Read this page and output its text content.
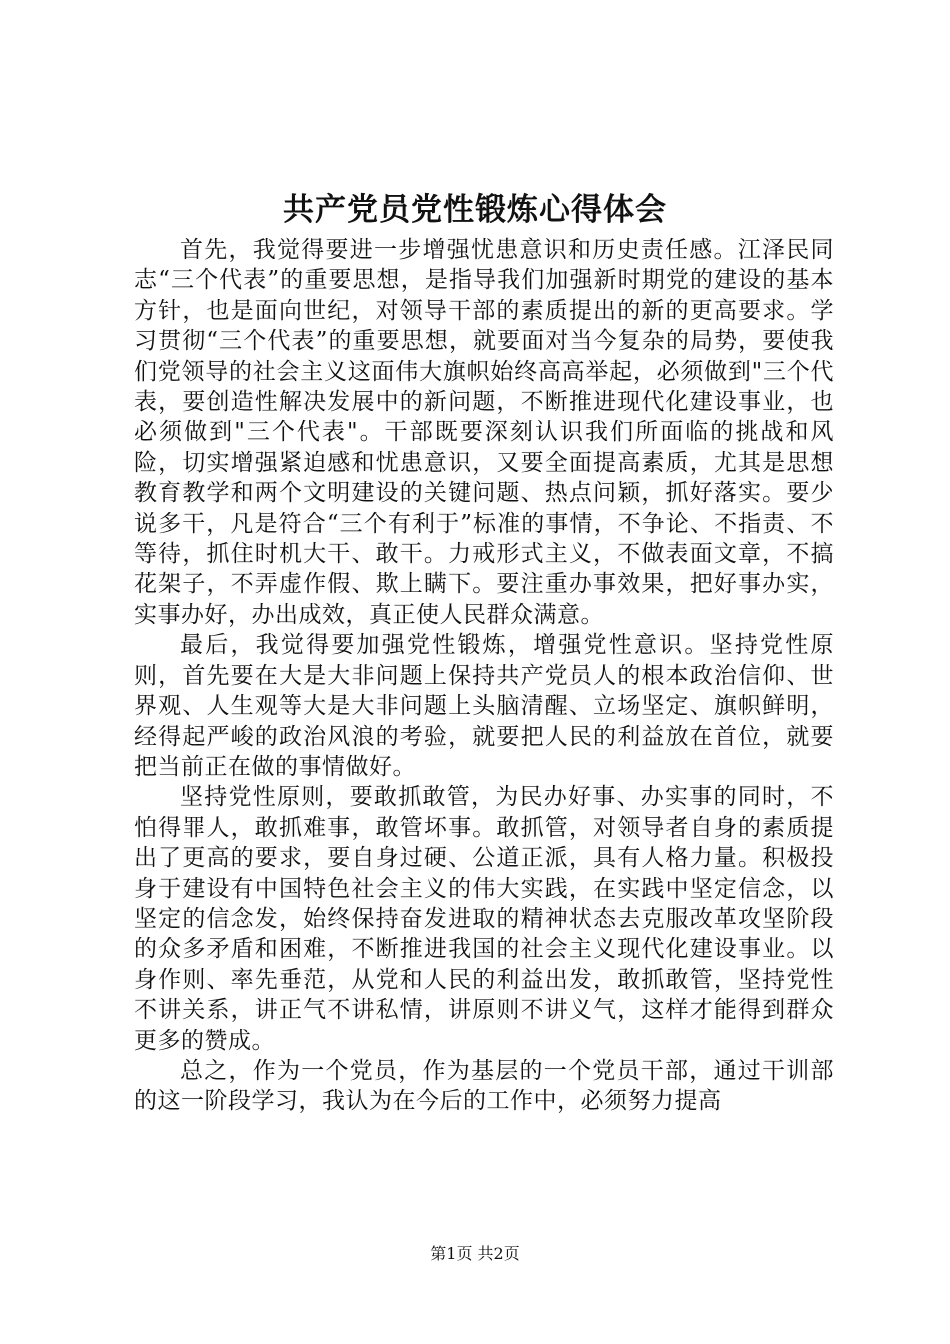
共产党员党性锻炼心得体会

首先，我觉得要进一步增强忧患意识和历史责任感。江泽民同志“三个代表”的重要思想，是指导我们加强新时期党的建设的基本方针，也是面向世纪，对领导干部的素质提出的新的更高要求。学习贯彻“三个代表”的重要思想，就要面对当今复杂的局势，要使我们党领导的社会主义这面伟大旗帜始终高高举起，必须做到"三个代表，要创造性解决发展中的新问题，不断推进现代化建设事业，也必须做到"三个代表"。干部既要深刻认识我们所面临的挑战和风险，切实增强紧迫感和忧患意识，又要全面提高素质，尤其是思想教育教学和两个文明建设的关键问题、热点问颖，抓好落实。要少说多干，凡是符合“三个有利于”标准的事情，不争论、不指责、不等待，抓住时机大干、敢干。力戒形式主义，不做表面文章，不搞花架子，不弄虚作假、欺上瞒下。要注重办事效果，把好事办实，实事办好，办出成效，真正使人民群众满意。

最后，我觉得要加强党性锻炼，增强党性意识。坚持党性原则，首先要在大是大非问题上保持共产党员人的根本政治信仰、世界观、人生观等大是大非问题上头脑清醒、立场坚定、旗帜鲜明，经得起严峻的政治风浪的考验，就要把人民的利益放在首位，就要把当前正在做的事情做好。

坚持党性原则，要敢抓敢管，为民办好事、办实事的同时，不怕得罪人，敢抓难事，敢管坏事。敢抓管，对领导者自身的素质提出了更高的要求，要自身过硬、公道正派，具有人格力量。积极投身于建设有中国特色社会主义的伟大实践，在实践中坚定信念，以坚定的信念发，始终保持奋发进取的精神状态去克服改革攻坚阶段的众多矛盾和困难，不断推进我国的社会主义现代化建设事业。以身作则、率先垂范，从党和人民的利益出发，敢抓敢管，坚持党性不讲关系，讲正气不讲私情，讲原则不讲义气，这样才能得到群众更多的赞成。

总之，作为一个党员，作为基层的一个党员干部，通过干训部的这一阶段学习，我认为在今后的工作中，必须努力提高

第1页 共2页
